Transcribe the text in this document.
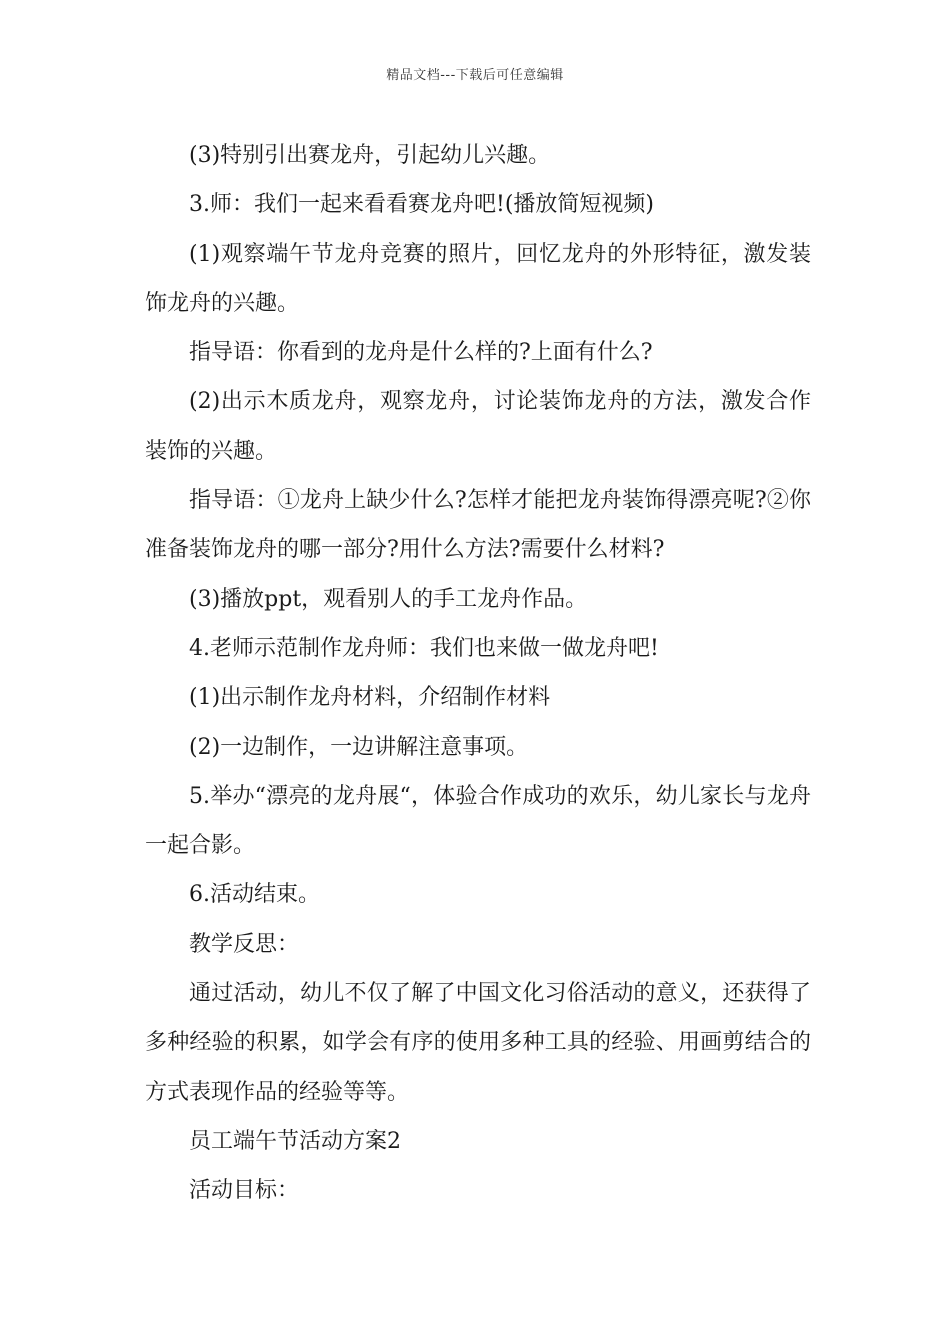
精品文档---下载后可任意编辑

(3)特别引出赛龙舟，引起幼儿兴趣。

3.师：我们一起来看看赛龙舟吧!(播放简短视频)

(1)观察端午节龙舟竞赛的照片，回忆龙舟的外形特征，激发装饰龙舟的兴趣。

指导语：你看到的龙舟是什么样的?上面有什么?

(2)出示木质龙舟，观察龙舟，讨论装饰龙舟的方法，激发合作装饰的兴趣。

指导语：①龙舟上缺少什么?怎样才能把龙舟装饰得漂亮呢?②你准备装饰龙舟的哪一部分?用什么方法?需要什么材料?

(3)播放ppt，观看别人的手工龙舟作品。

4.老师示范制作龙舟师：我们也来做一做龙舟吧!

(1)出示制作龙舟材料，介绍制作材料

(2)一边制作，一边讲解注意事项。

5.举办“漂亮的龙舟展“，体验合作成功的欢乐，幼儿家长与龙舟一起合影。

6.活动结束。

教学反思：

通过活动，幼儿不仅了解了中国文化习俗活动的意义，还获得了多种经验的积累，如学会有序的使用多种工具的经验、用画剪结合的方式表现作品的经验等等。

员工端午节活动方案2

活动目标：
